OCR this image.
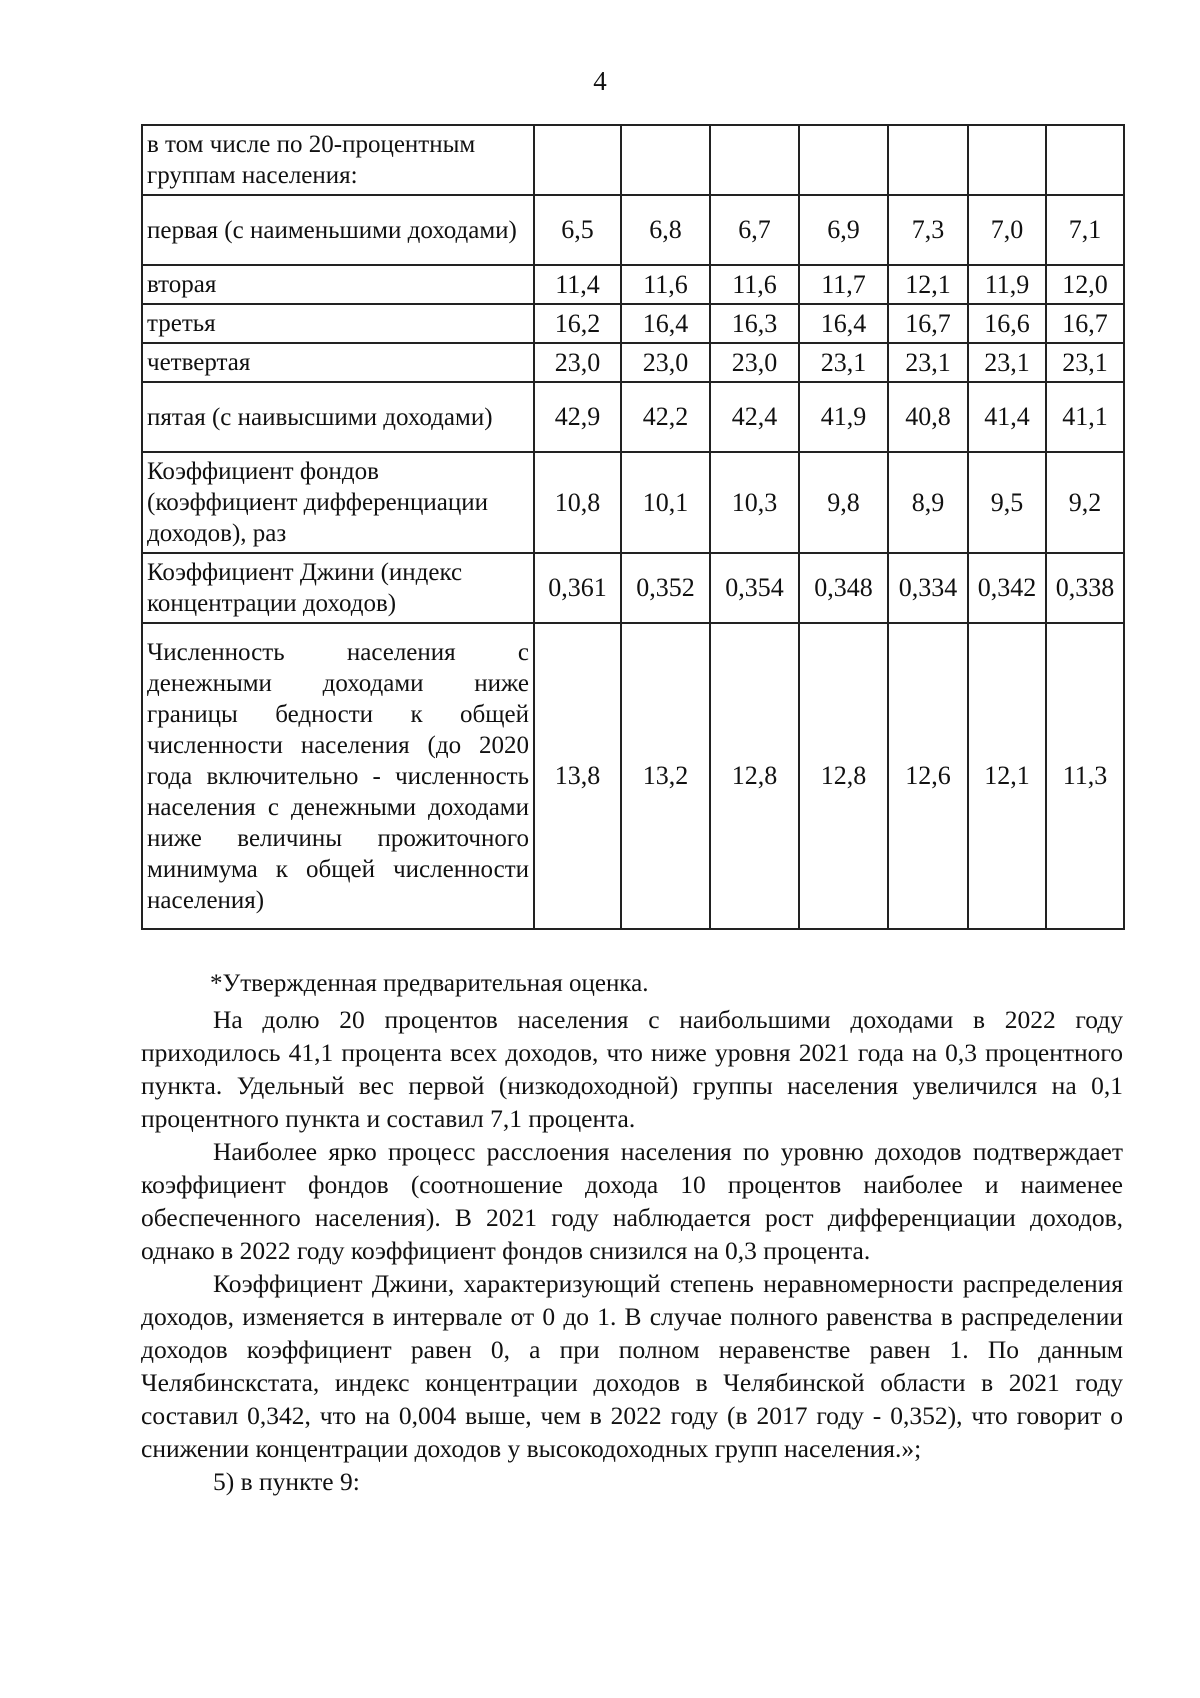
4
в том числе по 20-процентным группам населения:							
первая (с наименьшими доходами)	6,5	6,8	6,7	6,9	7,3	7,0	7,1
вторая	11,4	11,6	11,6	11,7	12,1	11,9	12,0
третья	16,2	16,4	16,3	16,4	16,7	16,6	16,7
четвертая	23,0	23,0	23,0	23,1	23,1	23,1	23,1
пятая (с наивысшими доходами)	42,9	42,2	42,4	41,9	40,8	41,4	41,1
Коэффициент фондов (коэффициент дифференциации доходов), раз	10,8	10,1	10,3	9,8	8,9	9,5	9,2
Коэффициент Джини (индекс концентрации доходов)	0,361	0,352	0,354	0,348	0,334	0,342	0,338
Численность населения с денежными доходами ниже границы бедности к общей численности населения (до 2020 года включительно - численность населения с денежными доходами ниже величины прожиточного минимума к общей численности населения)	13,8	13,2	12,8	12,8	12,6	12,1	11,3
*Утвержденная предварительная оценка.

На долю 20 процентов населения с наибольшими доходами в 2022 году приходилось 41,1 процента всех доходов, что ниже уровня 2021 года на 0,3 процентного пункта. Удельный вес первой (низкодоходной) группы населения увеличился на 0,1 процентного пункта и составил 7,1 процента.

Наиболее ярко процесс расслоения населения по уровню доходов подтверждает коэффициент фондов (соотношение дохода 10 процентов наиболее и наименее обеспеченного населения). В 2021 году наблюдается рост дифференциации доходов, однако в 2022 году коэффициент фондов снизился на 0,3 процента.

Коэффициент Джини, характеризующий степень неравномерности распределения доходов, изменяется в интервале от 0 до 1. В случае полного равенства в распределении доходов коэффициент равен 0, а при полном неравенстве равен 1. По данным Челябинскстата, индекс концентрации доходов в Челябинской области в 2021 году составил 0,342, что на 0,004 выше, чем в 2022 году (в 2017 году - 0,352), что говорит о снижении концентрации доходов у высокодоходных групп населения.»;

5) в пункте 9:
